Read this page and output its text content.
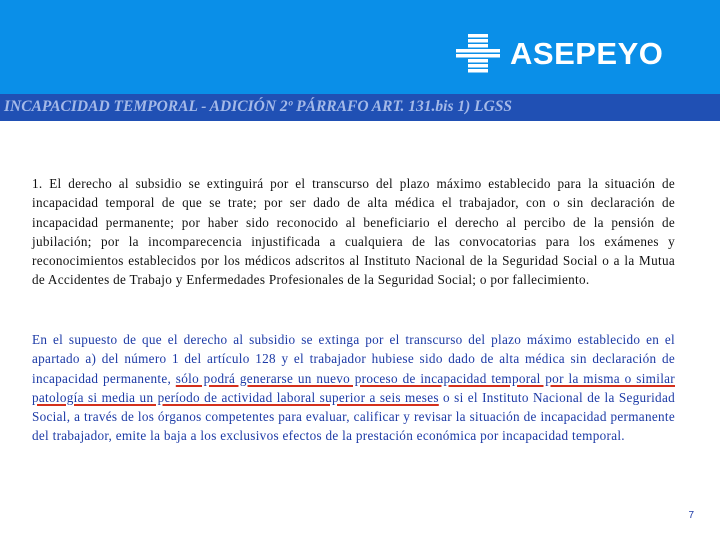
ASEPEYO
INCAPACIDAD TEMPORAL - ADICIÓN 2º PÁRRAFO ART. 131.bis 1) LGSS
1. El derecho al subsidio se extinguirá por el transcurso del plazo máximo establecido para la situación de incapacidad temporal de que se trate; por ser dado de alta médica el trabajador, con o sin declaración de incapacidad permanente; por haber sido reconocido al beneficiario el derecho al percibo de la pensión de jubilación; por la incomparecencia injustificada a cualquiera de las convocatorias para los exámenes y reconocimientos establecidos por los médicos adscritos al Instituto Nacional de la Seguridad Social o a la Mutua de Accidentes de Trabajo y Enfermedades Profesionales de la Seguridad Social; o por fallecimiento.
En el supuesto de que el derecho al subsidio se extinga por el transcurso del plazo máximo establecido en el apartado a) del número 1 del artículo 128 y el trabajador hubiese sido dado de alta médica sin declaración de incapacidad permanente, sólo podrá generarse un nuevo proceso de incapacidad temporal por la misma o similar patología si media un período de actividad laboral superior a seis meses o si el Instituto Nacional de la Seguridad Social, a través de los órganos competentes para evaluar, calificar y revisar la situación de incapacidad permanente del trabajador, emite la baja a los exclusivos efectos de la prestación económica por incapacidad temporal.
7
